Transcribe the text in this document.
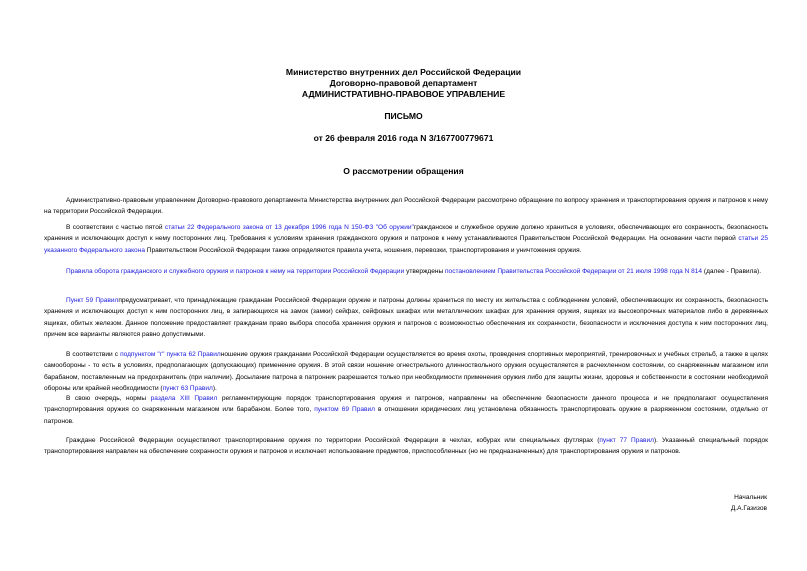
Министерство внутренних дел Российской Федерации
Договорно-правовой департамент
АДМИНИСТРАТИВНО-ПРАВОВОЕ УПРАВЛЕНИЕ
ПИСЬМО
от 26 февраля 2016 года N 3/167700779671
О рассмотрении обращения

Административно-правовым управлением Договорно-правового департамента Министерства внутренних дел Российской Федерации рассмотрено обращение по вопросу хранения и транспортирования оружия и патронов к нему на территории Российской Федерации.

В соответствии с частью пятой статьи 22 Федерального закона от 13 декабря 1996 года N 150-ФЗ "Об оружии"гражданское и служебное оружие должно храниться в условиях, обеспечивающих его сохранность, безопасность хранения и исключающих доступ к нему посторонних лиц. Требования к условиям хранения гражданского оружия и патронов к нему устанавливаются Правительством Российской Федерации. На основании части первой статьи 25 указанного Федерального закона Правительством Российской Федерации также определяются правила учета, ношения, перевозки, транспортирования и уничтожения оружия.

Правила оборота гражданского и служебного оружия и патронов к нему на территории Российской Федерации утверждены постановлением Правительства Российской Федерации от 21 июля 1998 года N 814 (далее - Правила).

Пункт 59 Правилпредусматривает, что принадлежащие гражданам Российской Федерации оружие и патроны должны храниться по месту их жительства с соблюдением условий, обеспечивающих их сохранность, безопасность хранения и исключающих доступ к ним посторонних лиц, в запирающихся на замок (замки) сейфах, сейфовых шкафах или металлических шкафах для хранения оружия, ящиках из высокопрочных материалов либо в деревянных ящиках, обитых железом. Данное положение предоставляет гражданам право выбора способа хранения оружия и патронов с возможностью обеспечения их сохранности, безопасности и исключения доступа к ним посторонних лиц, причем все варианты являются равно допустимыми.

В соответствии с подпунктом "г" пункта 62 Правилношение оружия гражданами Российской Федерации осуществляется во время охоты, проведения спортивных мероприятий, тренировочных и учебных стрельб, а также в целях самообороны - то есть в условиях, предполагающих (допускающих) применение оружия. В этой связи ношение огнестрельного длинноствольного оружия осуществляется в расчехленном состоянии, со снаряженным магазином или барабаном, поставленным на предохранитель (при наличии). Досылание патрона в патронник разрешается только при необходимости применения оружия либо для защиты жизни, здоровья и собственности в состоянии необходимой обороны или крайней необходимости (пункт 63 Правил).

В свою очередь, нормы раздела XIII Правил регламентирующие порядок транспортирования оружия и патронов, направлены на обеспечение безопасности данного процесса и не предполагают осуществления транспортирования оружия со снаряженным магазином или барабаном. Более того, пунктом 69 Правил в отношении юридических лиц установлена обязанность транспортировать оружие в разряженном состоянии, отдельно от патронов.

Граждане Российской Федерации осуществляют транспортирование оружия по территории Российской Федерации в чехлах, кобурах или специальных футлярах (пункт 77 Правил). Указанный специальный порядок транспортирования направлен на обеспечение сохранности оружия и патронов и исключает использование предметов, приспособленных (но не предназначенных) для транспортирования оружия и патронов.

Начальник
Д.А.Газизов
